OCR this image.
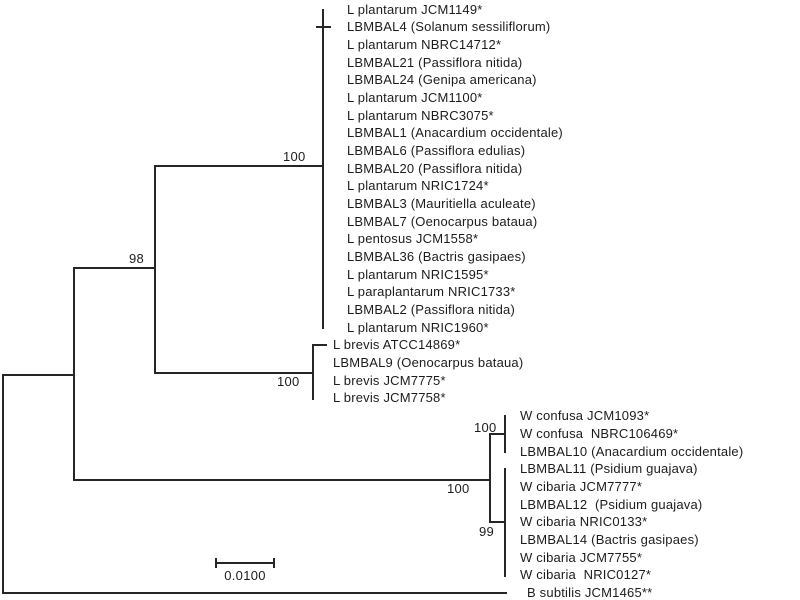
100
98
100
100
100
99
0.0100
L plantarum JCM1149*
LBMBAL4 (Solanum sessiliflorum)
L plantarum NBRC14712*
LBMBAL21 (Passiflora nitida)
LBMBAL24 (Genipa americana)
L plantarum JCM1100*
L plantarum NBRC3075*
LBMBAL1 (Anacardium occidentale)
LBMBAL6 (Passiflora edulias)
LBMBAL20 (Passiflora nitida)
L plantarum NRIC1724*
LBMBAL3 (Mauritiella aculeate)
LBMBAL7 (Oenocarpus bataua)
L pentosus JCM1558*
LBMBAL36 (Bactris gasipaes)
L plantarum NRIC1595*
L paraplantarum NRIC1733*
LBMBAL2 (Passiflora nitida)
L plantarum NRIC1960*
L brevis ATCC14869*
LBMBAL9 (Oenocarpus bataua)
L brevis JCM7775*
L brevis JCM7758*
W confusa JCM1093*
W confusa  NBRC106469*
LBMBAL10 (Anacardium occidentale)
LBMBAL11 (Psidium guajava)
W cibaria JCM7777*
LBMBAL12  (Psidium guajava)
W cibaria NRIC0133*
LBMBAL14 (Bactris gasipaes)
W cibaria JCM7755*
W cibaria  NRIC0127*
B subtilis JCM1465**
